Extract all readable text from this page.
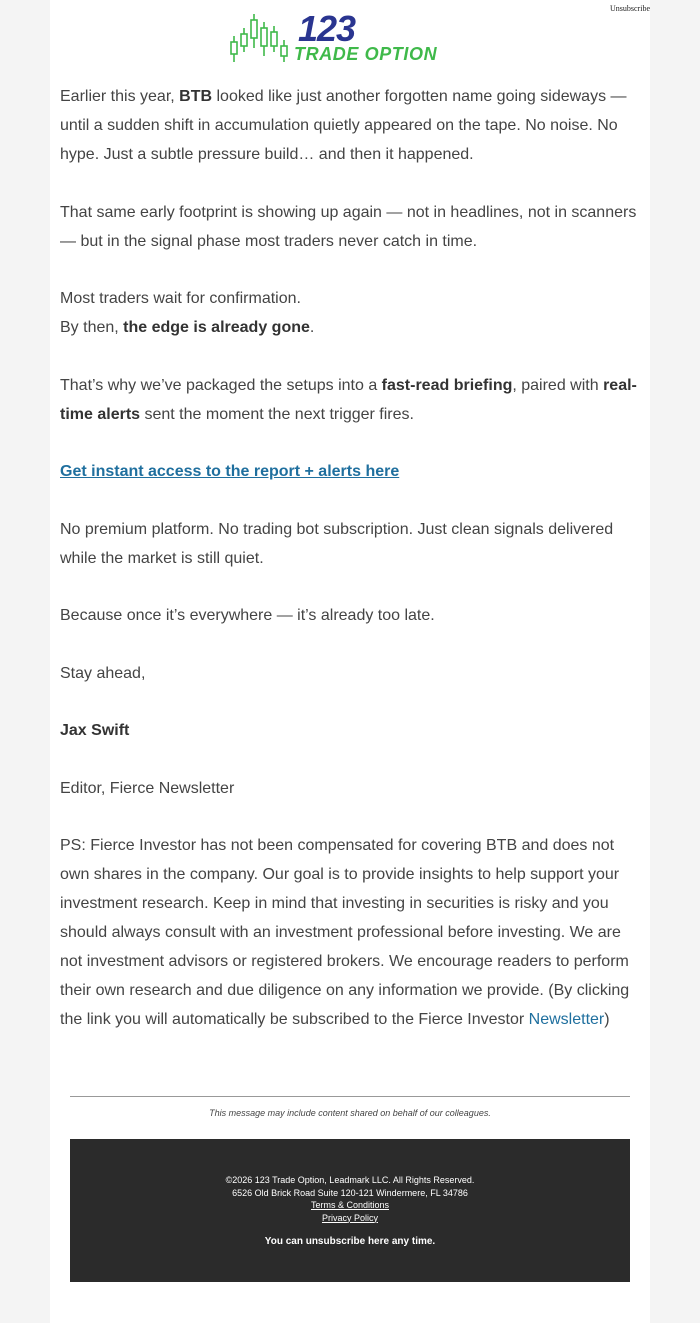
Unsubscribe
123
TRADE OPTION

Earlier this year, BTB looked like just another forgotten name going sideways — until a sudden shift in accumulation quietly appeared on the tape. No noise. No hype. Just a subtle pressure build… and then it happened.

That same early footprint is showing up again — not in headlines, not in scanners — but in the signal phase most traders never catch in time.

Most traders wait for confirmation.
By then, the edge is already gone.

That’s why we’ve packaged the setups into a fast-read briefing, paired with real-time alerts sent the moment the next trigger fires.

Get instant access to the report + alerts here

No premium platform. No trading bot subscription. Just clean signals delivered while the market is still quiet.

Because once it’s everywhere — it’s already too late.

Stay ahead,

Jax Swift

Editor, Fierce Newsletter

PS: Fierce Investor has not been compensated for covering BTB and does not own shares in the company. Our goal is to provide insights to help support your investment research. Keep in mind that investing in securities is risky and you should always consult with an investment professional before investing. We are not investment advisors or registered brokers. We encourage readers to perform their own research and due diligence on any information we provide. (By clicking the link you will automatically be subscribed to the Fierce Investor Newsletter)

This message may include content shared on behalf of our colleagues.
©2026 123 Trade Option, Leadmark LLC. All Rights Reserved.
6526 Old Brick Road Suite 120-121 Windermere, FL 34786
Terms & Conditions
Privacy Policy
You can unsubscribe here any time.
